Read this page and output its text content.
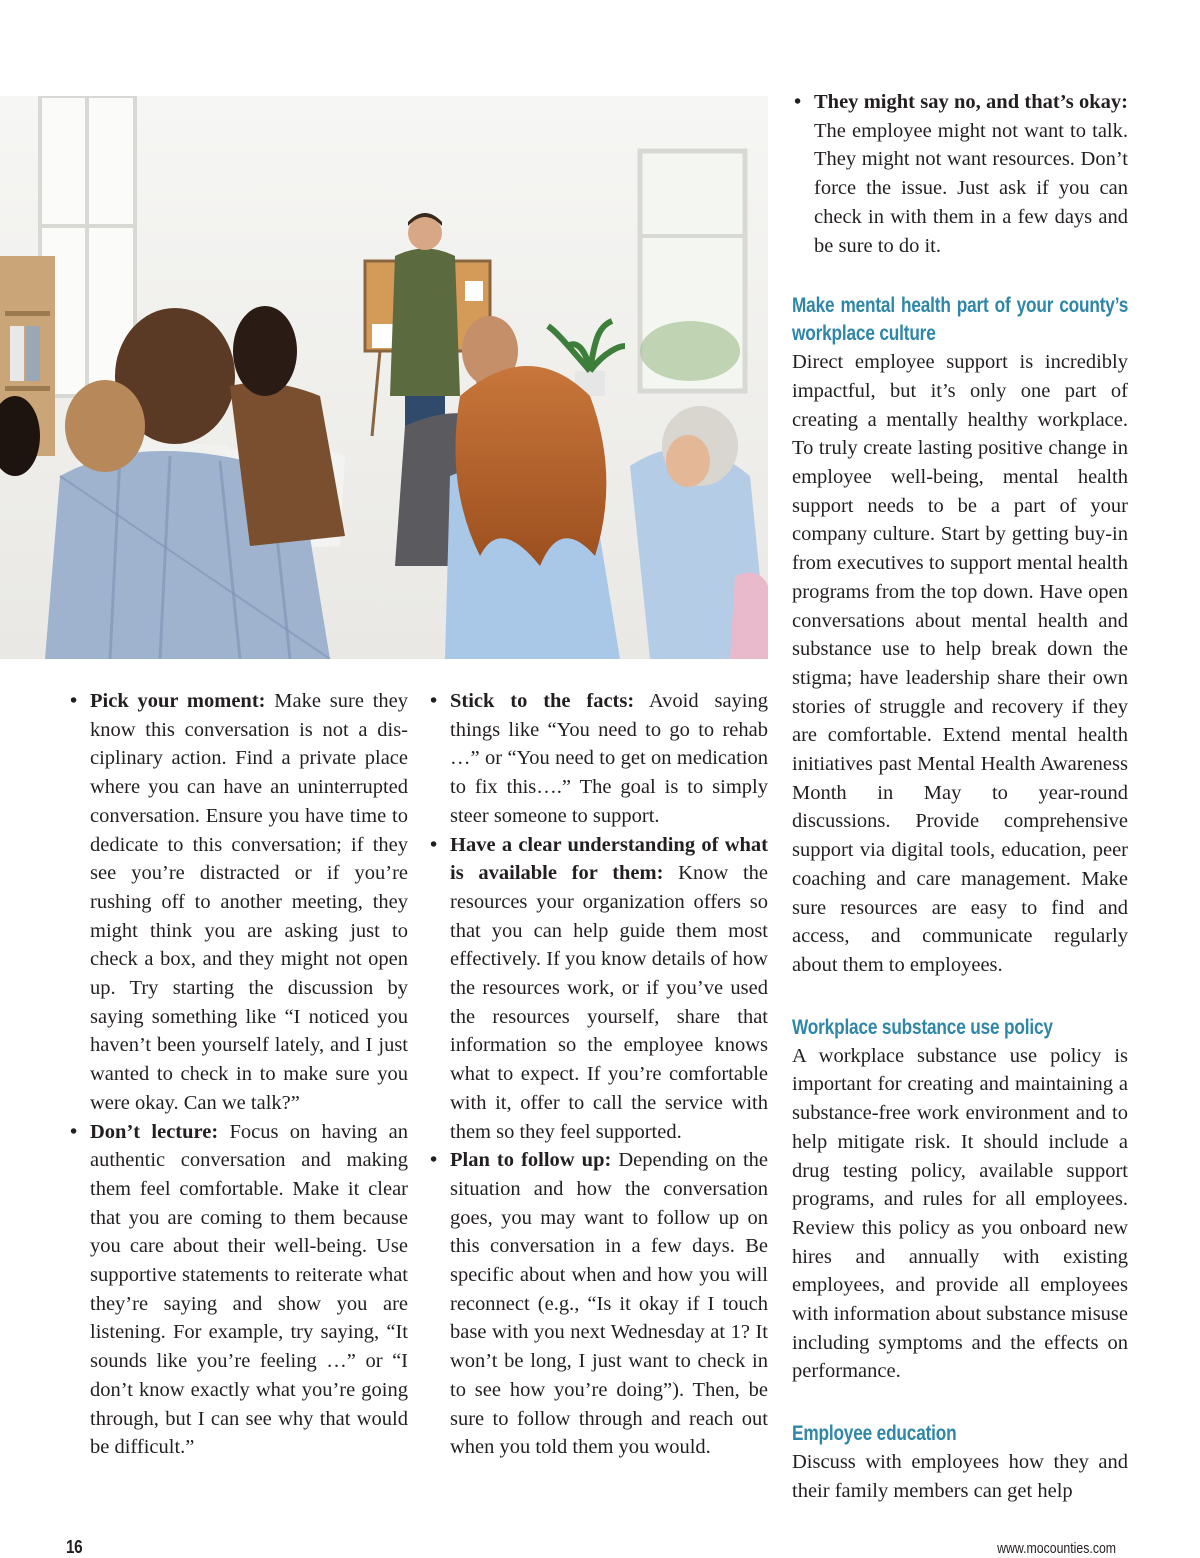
• Pick your moment: Make sure they know this conversation is not a disciplinary action. Find a private place where you can have an uninterrupted conversation. Ensure you have time to dedicate to this conversation; if they see you’re distracted or if you’re rushing off to another meeting, they might think you are asking just to check a box, and they might not open up. Try starting the discussion by saying something like “I noticed you haven’t been yourself lately, and I just wanted to check in to make sure you were okay. Can we talk?”
• Don’t lecture: Focus on having an authentic conversation and making them feel comfortable. Make it clear that you are coming to them because you care about their well-being. Use supportive statements to reiterate what they’re saying and show you are listening. For example, try saying, “It sounds like you’re feeling …” or “I don’t know exactly what you’re going through, but I can see why that would be difficult.”
• Stick to the facts: Avoid saying things like “You need to go to rehab …” or “You need to get on medication to fix this….” The goal is to simply steer someone to support.
• Have a clear understanding of what is available for them: Know the resources your organization offers so that you can help guide them most effectively. If you know details of how the resources work, or if you’ve used the resources yourself, share that information so the employee knows what to expect. If you’re comfortable with it, offer to call the service with them so they feel supported.
• Plan to follow up: Depending on the situation and how the conversation goes, you may want to follow up on this conversation in a few days. Be specific about when and how you will reconnect (e.g., “Is it okay if I touch base with you next Wednesday at 1? It won’t be long, I just want to check in to see how you’re doing”). Then, be sure to follow through and reach out when you told them you would.
• They might say no, and that’s okay: The employee might not want to talk. They might not want resources. Don’t force the issue. Just ask if you can check in with them in a few days and be sure to do it.
Make mental health part of your county’s workplace culture

Direct employee support is incredibly impactful, but it’s only one part of creating a mentally healthy workplace. To truly create lasting positive change in employee well-being, mental health support needs to be a part of your company culture. Start by getting buy-in from executives to support mental health programs from the top down. Have open conversations about mental health and substance use to help break down the stigma; have leadership share their own stories of struggle and recovery if they are comfortable. Extend mental health initiatives past Mental Health Awareness Month in May to year-round discussions. Provide comprehensive support via digital tools, education, peer coaching and care management. Make sure resources are easy to find and access, and communicate regularly about them to employees.

Workplace substance use policy

A workplace substance use policy is important for creating and maintaining a substance-free work environment and to help mitigate risk. It should include a drug testing policy, available support programs, and rules for all employees. Review this policy as you onboard new hires and annually with existing employees, and provide all employees with information about substance misuse including symptoms and the effects on performance.

Employee education

Discuss with employees how they and their family members can get help

16	www.mocounties.com
